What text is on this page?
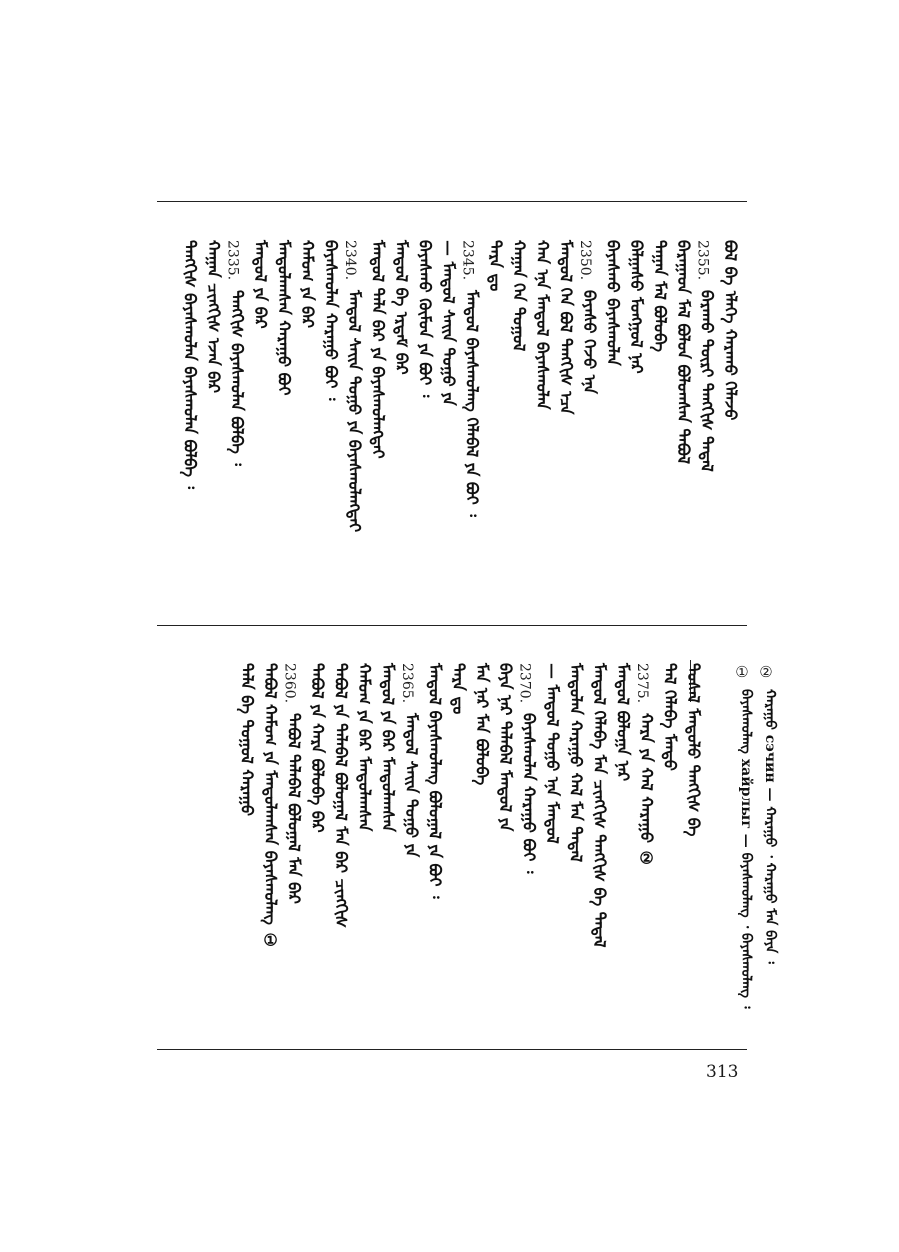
ᠪᠣᠯ ᠪᠠ ᠡᠯᠡᠭᠡ ᠬᠠᠷᠠᠬᠤ ᠬᠡᠯᠡᠵᠦ
2355.
ᠪᠠᠷᠠᠬᠤ ᠳᠦᠷᠢ ᠲᠡᠩᠭᠢᠰ ᠲᠠᠲᠠᠯ
ᠪᠠᠷᠠᠭᠠᠳ ᠮᠠᠯ ᠪᠣᠯᠤᠨ ᠪᠣᠯᠤᠭᠰᠠᠨ ᠲᠠᠪᠤᠯ
ᠳᠠᠭᠠᠨ ᠮᠠᠯ ᠪᠣᠯᠣᠪᠠ
ᠪᠠᠯᠭᠠᠰᠤ ᠮᠣᠩᠭᠣᠯ ᠨᠡᠷ
ᠪᠠᠶᠠᠰᠬᠤ ᠪᠠᠶᠠᠰᠬᠤᠯᠠᠨ
2350.
ᠪᠠᠶᠠᠰᠤ ᠭᠡᠵᠦ ᠡᠨᠡ
ᠮᠠᠨᠳᠤᠯ ᠬᠡᠨ ᠪᠣᠯ ᠲᠡᠩᠭᠢᠰ ᠡᠴᠡ
ᠬᠠᠨ ᠡᠨᠡ ᠮᠠᠨᠳᠤᠯ ᠪᠠᠶᠠᠰᠬᠤᠯᠠᠨ
ᠬᠠᠭᠠᠨ ᠬᠡᠨ ᠲᠤᠭᠤᠯ
ᠲᠡᠷᠡ ᠳᠤ
2345.
ᠮᠠᠨᠳᠤᠯ ᠪᠠᠶᠠᠰᠬᠤᠯᠠᠩ ᠬᠡᠯᠡᠪᠡᠯ ᠶᠠ ᠪᠤᠢ ᠄
— ᠮᠠᠨᠳᠤᠯ ᠰᠠᠢᠨ ᠲᠤᠭᠤ ᠶᠠ
ᠪᠠᠶᠠᠰᠬᠤ ᠬᠦᠮᠦᠨ ᠶᠠ ᠪᠤᠢ ᠄
ᠮᠠᠨᠳᠤᠯ ᠪᠠ ᠡᠷᠳᠡᠮ ᠪᠠᠷ
ᠮᠠᠨᠳᠤᠯ ᠲᠠᠯᠠ ᠪᠠᠷ ᠶᠠ ᠪᠠᠶᠠᠰᠬᠤᠯᠠᠩᠲᠠᠢ
2340.
ᠮᠠᠨᠳᠤᠯ ᠰᠠᠢᠨ ᠲᠤᠭᠤ ᠶᠠ ᠪᠠᠶᠠᠰᠬᠤᠯᠠᠩᠲᠠᠢ
ᠪᠠᠶᠠᠰᠬᠤᠯᠠᠨ ᠬᠠᠷᠠᠭᠤ ᠪᠤᠢ ᠄
ᠬᠠᠮᠤᠭ ᠶᠠ ᠪᠠᠷ
ᠮᠠᠨᠳᠤᠯᠠᠭᠰᠠᠨ ᠬᠠᠷᠠᠭᠤ ᠪᠤᠢ
ᠮᠠᠨᠳᠤᠯ ᠶᠠ ᠪᠠᠷ
2335.
ᠲᠡᠩᠭᠢᠰ ᠪᠠᠶᠠᠰᠬᠤᠯᠠᠨ ᠪᠤᠯᠪᠠ ᠄
ᠬᠠᠭᠠᠨ ᠴᠢᠩᠭᠢᠰ ᠡᠵᠡᠨ ᠪᠠᠷ
ᠲᠡᠩᠭᠢᠰ ᠪᠠᠶᠠᠰᠬᠤᠯᠠᠨ ᠪᠠᠶᠠᠰᠬᠤᠯᠠᠨ ᠪᠤᠯᠪᠠ ᠄
②
ᠬᠠᠷᠠᠭᠤ сэчин — ᠬᠠᠷᠠᠭᠤ ᠂ ᠬᠠᠷᠠᠭᠤ ᠮᠠᠨ ᠪᠠᠶᠠ ᠄
①
ᠪᠠᠶᠠᠰᠬᠤᠯᠠᠩ хайрлыг — ᠪᠠᠶᠠᠰᠬᠤᠯᠠᠩ ᠂ ᠪᠠᠶᠠᠰᠬᠤᠯᠠᠩ ᠄
ᠲᠤᠰᠠᠯ ᠮᠠᠨᠳᠤᠯᠤ ᠲᠡᠩᠭᠢᠰ ᠪᠡ
ᠲᠠᠯ ᠬᠡᠯᠡᠪᠡ ᠮᠠᠨᠳᠤ
2375.
ᠬᠠᠷᠠ ᠶᠠ ᠬᠠᠯ ᠬᠠᠷᠠᠭᠤ ②
ᠮᠠᠨᠳᠤᠯ ᠪᠣᠯᠣᠭᠠ ᠨᠡᠷ
ᠮᠠᠨᠳᠤᠯ ᠬᠡᠯᠡᠪᠡ ᠮᠠᠨ ᠴᠢᠩᠭᠢᠰ ᠲᠡᠩᠭᠢᠰ ᠪᠠ ᠲᠠᠲᠠᠯ
ᠮᠠᠨᠳᠤᠯᠠᠨ ᠬᠠᠷᠠᠭᠤ ᠬᠠᠯ ᠮᠠᠨ ᠲᠠᠲᠠᠯ
— ᠮᠠᠨᠳᠤᠯ ᠲᠤᠭᠤ ᠡᠨᠡ ᠮᠠᠨᠳᠤᠯ
2370.
ᠪᠠᠶᠠᠰᠬᠤᠯᠠᠨ ᠬᠠᠷᠠᠭᠤ ᠪᠤᠢ ᠄
ᠪᠠᠶᠠ ᠨᠡᠷ ᠲᠠᠯᠠᠪᠠᠯ ᠮᠠᠨᠳᠤᠯ ᠶᠠ
ᠮᠠᠨ ᠨᠡᠷ ᠮᠠᠨ ᠪᠣᠯᠣᠪᠠ
ᠲᠡᠷᠡ ᠳᠤ
ᠮᠠᠨᠳᠤᠯ ᠪᠠᠶᠠᠰᠬᠤᠯᠠᠩ ᠪᠣᠯᠣᠭᠠᠯ ᠶᠠ ᠪᠤᠢ ᠄
2365.
ᠮᠠᠨᠳᠤᠯ ᠰᠠᠢᠨ ᠲᠤᠭᠤ ᠶᠠ
ᠮᠠᠨᠳᠤᠯ ᠶᠠ ᠪᠠᠷ ᠮᠠᠨᠳᠤᠯᠠᠭᠰᠠᠨ
ᠬᠠᠮᠤᠭ ᠶᠠ ᠪᠠᠷ ᠮᠠᠨᠳᠤᠯᠠᠭᠰᠠᠨ
ᠲᠠᠪᠤᠯ ᠶᠠ ᠲᠠᠯᠠᠪᠠᠯ ᠪᠣᠯᠣᠭᠠᠯ ᠮᠠᠨ ᠪᠠᠷ ᠴᠢᠩᠭᠢᠰ
ᠲᠠᠪᠤᠯ ᠶᠠ ᠬᠠᠷᠠ ᠪᠣᠯᠣᠪᠠ ᠪᠠᠷ
2360.
ᠲᠠᠪᠤᠯ ᠲᠠᠯᠠᠪᠠᠯ ᠪᠣᠯᠣᠭᠠᠯ ᠮᠠᠨ ᠪᠠᠷ
ᠲᠠᠪᠤᠯ ᠬᠠᠮᠤᠭ ᠶᠠ ᠮᠠᠨᠳᠤᠯᠠᠭᠰᠠᠨ ᠪᠠᠶᠠᠰᠬᠤᠯᠠᠩ ①
ᠲᠠᠯᠠ ᠪᠠ ᠲᠤᠭᠤᠯ ᠬᠠᠷᠠᠭᠤ
313
